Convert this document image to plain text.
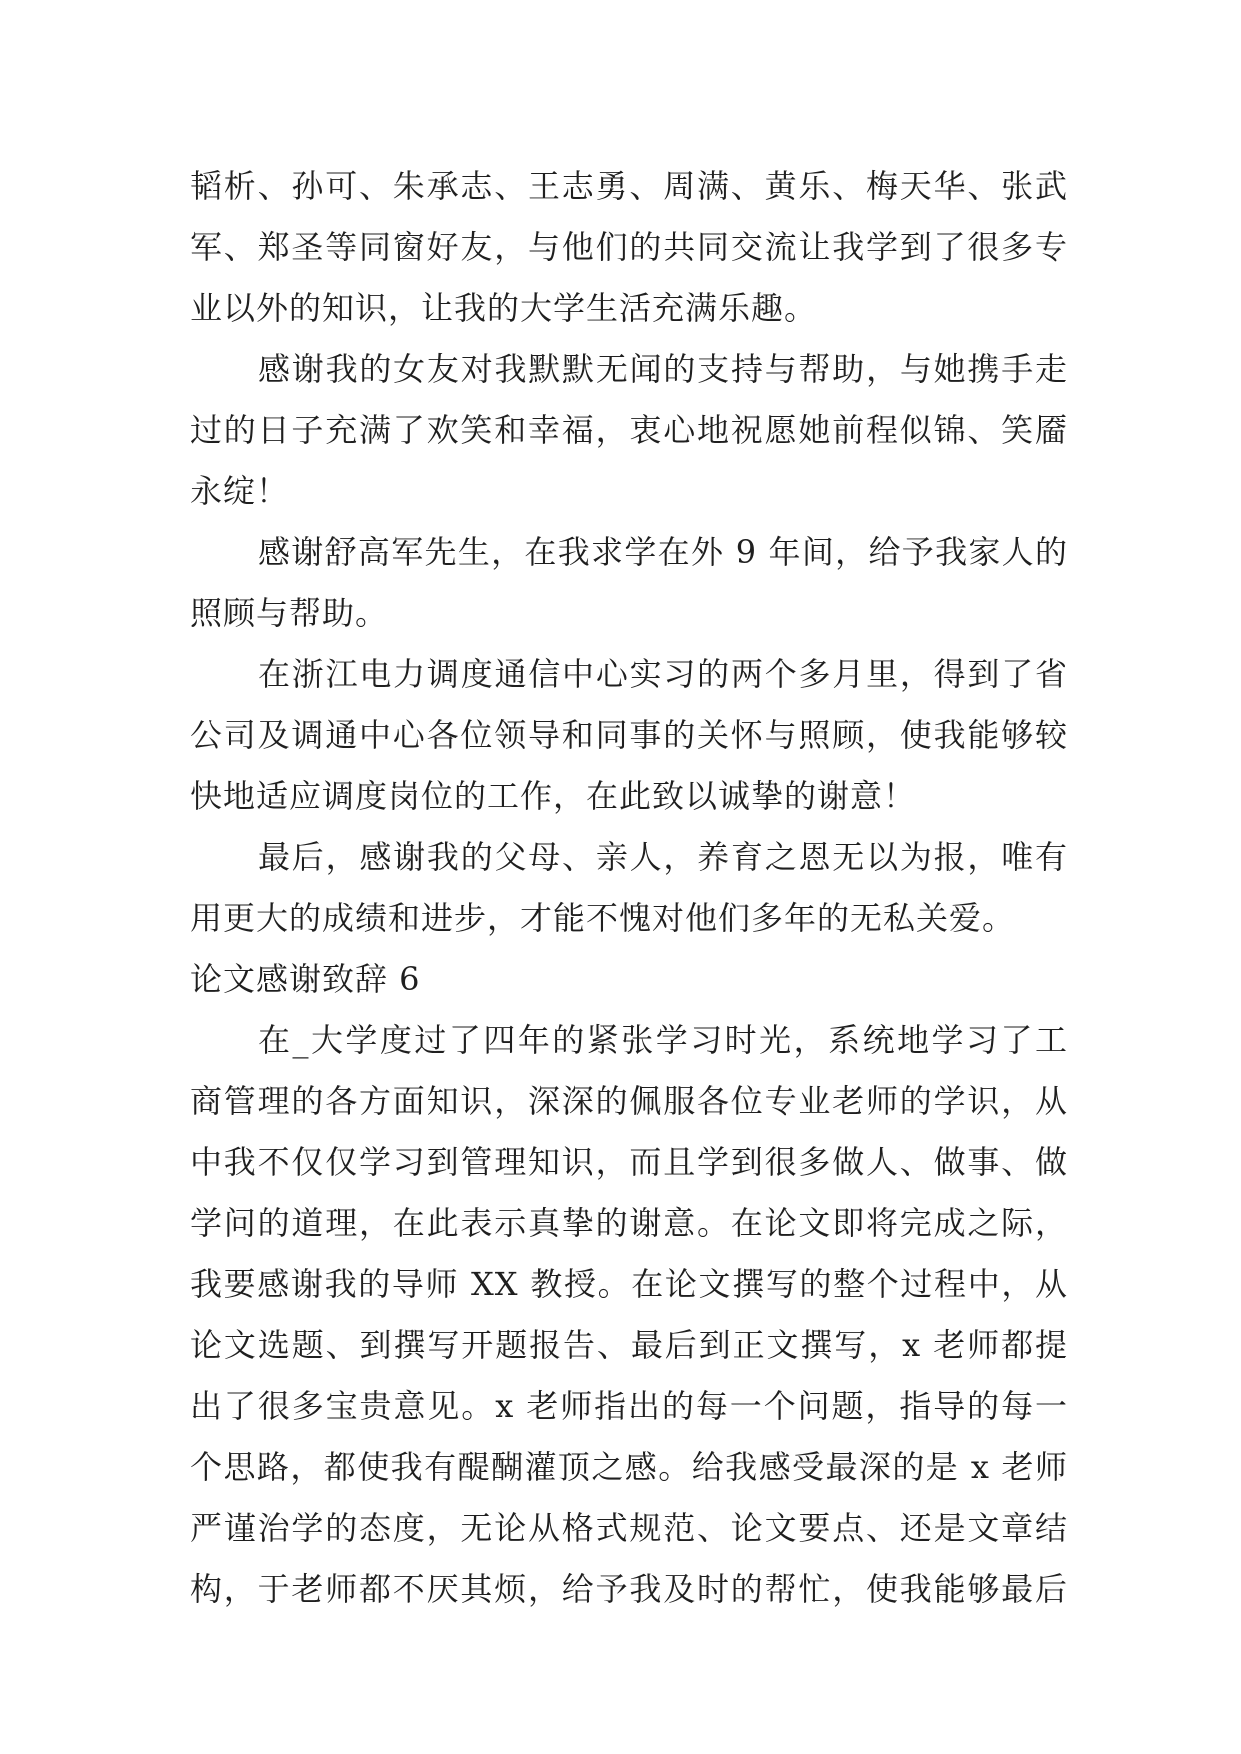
韬析、孙可、朱承志、王志勇、周满、黄乐、梅天华、张武
军、郑圣等同窗好友，与他们的共同交流让我学到了很多专
业以外的知识，让我的大学生活充满乐趣。
感谢我的女友对我默默无闻的支持与帮助，与她携手走
过的日子充满了欢笑和幸福，衷心地祝愿她前程似锦、笑靥
永绽！
感谢舒高军先生，在我求学在外 9 年间，给予我家人的
照顾与帮助。
在浙江电力调度通信中心实习的两个多月里，得到了省
公司及调通中心各位领导和同事的关怀与照顾，使我能够较
快地适应调度岗位的工作，在此致以诚挚的谢意！
最后，感谢我的父母、亲人，养育之恩无以为报，唯有
用更大的成绩和进步，才能不愧对他们多年的无私关爱。
论文感谢致辞 6
在_大学度过了四年的紧张学习时光，系统地学习了工
商管理的各方面知识，深深的佩服各位专业老师的学识，从
中我不仅仅学习到管理知识，而且学到很多做人、做事、做
学问的道理，在此表示真挚的谢意。在论文即将完成之际，
我要感谢我的导师 XX 教授。在论文撰写的整个过程中，从
论文选题、到撰写开题报告、最后到正文撰写，x 老师都提
出了很多宝贵意见。x 老师指出的每一个问题，指导的每一
个思路，都使我有醍醐灌顶之感。给我感受最深的是 x 老师
严谨治学的态度，无论从格式规范、论文要点、还是文章结
构，于老师都不厌其烦，给予我及时的帮忙，使我能够最后
